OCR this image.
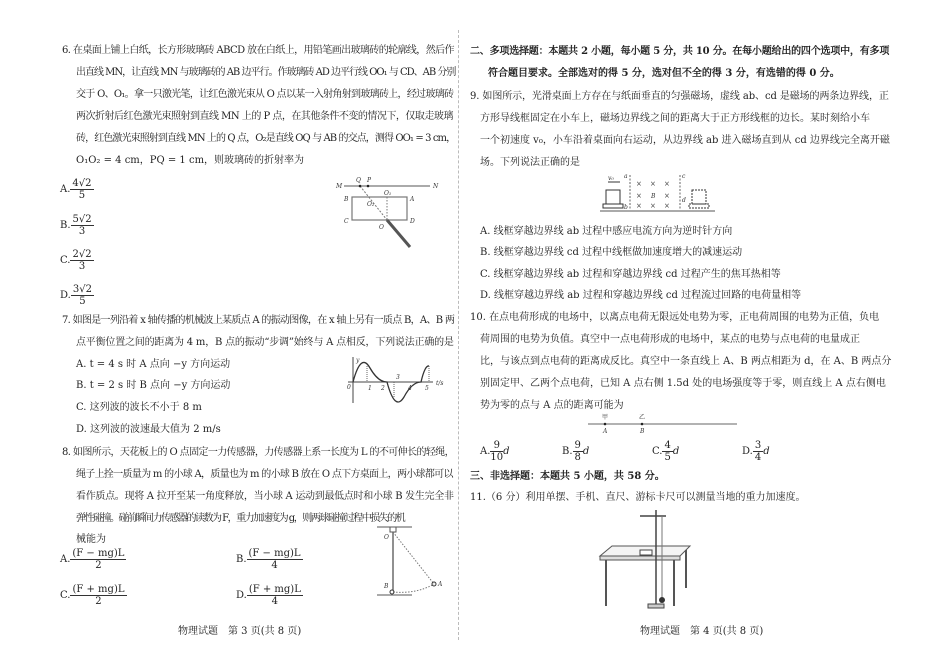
6. 在桌面上铺上白纸，长方形玻璃砖 ABCD 放在白纸上，用铅笔画出玻璃砖的轮廓线，然后作
出直线 MN，让直线 MN 与玻璃砖的 AB 边平行。作玻璃砖 AD 边平行线 OO₁ 与 CD、AB 分别
交于 O、O₁。拿一只激光笔，让红色激光束从 O 点以某一入射角射到玻璃砖上，经过玻璃砖
两次折射后红色激光束照射到直线 MN 上的 P 点，在其他条件不变的情况下，仅取走玻璃
砖，红色激光束照射到直线 MN 上的 Q 点，O₂是直线 OQ 与 AB 的交点，测得 OO₁ = 3 cm，
O₁O₂ = 4 cm，PQ = 1 cm，则玻璃砖的折射率为
A. $\frac{4√2}{5}$
B. $\frac{5√2}{3}$
C. $\frac{2√2}{3}$
D. $\frac{3√2}{5}$
M
Q P
N
B
O₁
A
O₂
C
O
D
7. 如图是一列沿着 x 轴传播的机械波上某质点 A 的振动图像，在 x 轴上另有一质点 B，A、B 两
点平衡位置之间的距离为 4 m，B 点的振动“步调”始终与 A 点相反，下列说法正确的是
A. t = 4 s 时 A 点向 −y 方向运动
B. t = 2 s 时 B 点向 −y 方向运动
C. 这列波的波长不小于 8 m
D. 这列波的波速最大值为 2 m/s
y
0	1 2
3
4 5
t/s
8. 如图所示，天花板上的 O 点固定一力传感器，力传感器上系一长度为 L 的不可伸长的轻绳，
绳子上拴一质量为 m 的小球 A，质量也为 m 的小球 B 放在 O 点下方桌面上，两小球都可以
看作质点。现将 A 拉开至某一角度释放，当小球 A 运动到最低点时和小球 B 发生完全非
弹性碰撞。碰前瞬间力传感器的读数为 F，重力加速度为 g，则两球碰撞过程中损失的机
械能为
A. $\frac{(F - mg)L}{2}$	B. $\frac{(F - mg)L}{4}$
C. $\frac{(F + mg)L}{2}$	D. $\frac{(F + mg)L}{4}$
O
B	A
物理试题　第 3 页(共 8 页)
二、多项选择题：本题共 2 小题，每小题 5 分，共 10 分。在每小题给出的四个选项中，有多项
符合题目要求。全部选对的得 5 分，选对但不全的得 3 分，有选错的得 0 分。
9. 如图所示，光滑桌面上方存在与纸面垂直的匀强磁场，虚线 ab、cd 是磁场的两条边界线，正
方形导线框固定在小车上，磁场边界线之间的距离大于正方形线框的边长。某时刻给小车
一个初速度 v₀，小车沿着桌面向右运动，从边界线 ab 进入磁场直到从 cd 边界线完全离开磁
场。下列说法正确的是
× × ×
×	×
× × ×
v₀ a
b
c
d
B
A. 线框穿越边界线 ab 过程中感应电流方向为逆时针方向
B. 线框穿越边界线 cd 过程中线框做加速度增大的减速运动
C. 线框穿越边界线 ab 过程和穿越边界线 cd 过程产生的焦耳热相等
D. 线框穿越边界线 ab 过程和穿越边界线 cd 过程流过回路的电荷量相等
10. 在点电荷形成的电场中，以离点电荷无限远处电势为零，正电荷周围的电势为正值，负电
荷周围的电势为负值。真空中一点电荷形成的电场中，某点的电势与点电荷的电量成正
比，与该点到点电荷的距离成反比。真空中一条直线上 A、B 两点相距为 d，在 A、B 两点分
别固定甲、乙两个点电荷，已知 A 点右侧 1.5d 处的电场强度等于零，则直线上 A 点右侧电
势为零的点与 A 点的距离可能为
甲	乙
A	B
A. $\frac{9}{10}$ d	B. $\frac{9}{8}$ d	C. $\frac{4}{5}$ d	D. $\frac{3}{4}$ d
三、非选择题：本题共 5 小题，共 58 分。
11.（6 分）利用单摆、手机、直尺、游标卡尺可以测量当地的重力加速度。
物理试题　第 4 页(共 8 页)
